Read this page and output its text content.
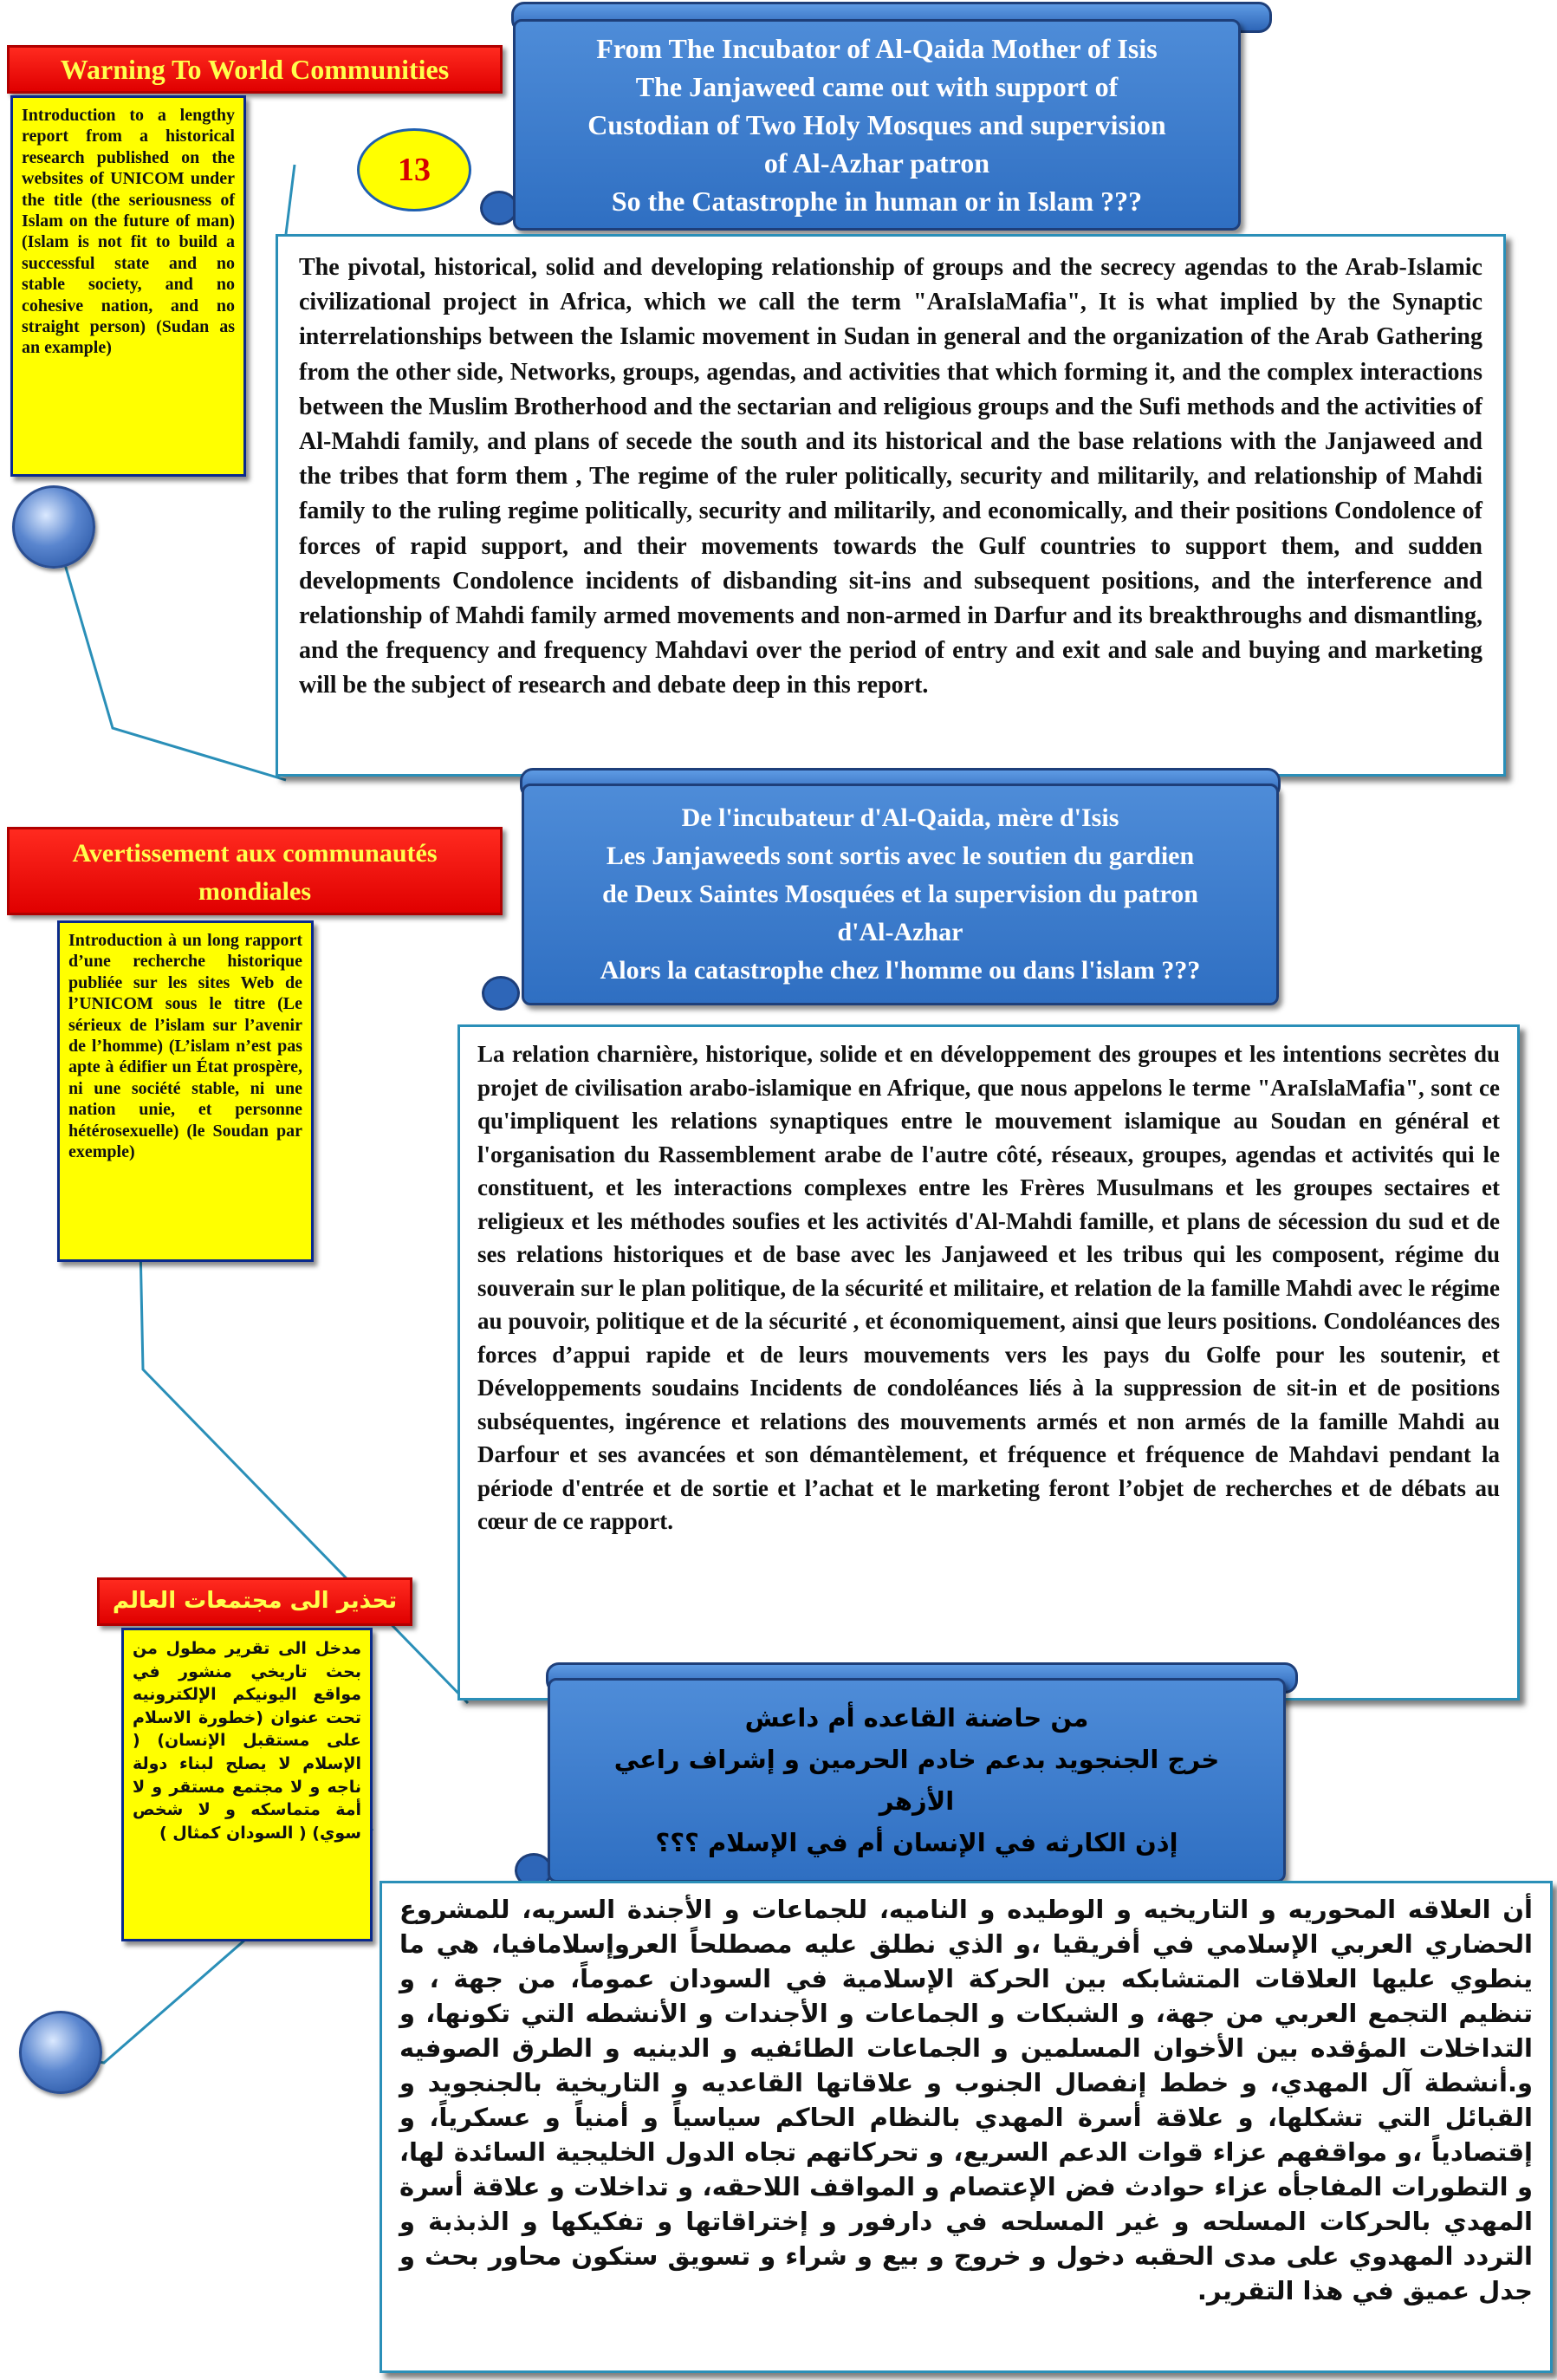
Warning To World Communities
Introduction to a lengthy report from a historical research published on the websites of UNICOM under the title (the seriousness of Islam on the future of man) (Islam is not fit to build a successful state and no stable society, and no cohesive nation, and no straight person) (Sudan as an example)
13
From The Incubator of Al-Qaida Mother of Isis
The Janjaweed came out with support of
Custodian of Two Holy Mosques and supervision
of Al-Azhar patron
So the Catastrophe in human or in Islam ???
The pivotal, historical, solid and developing relationship of groups and the secrecy agendas to the Arab-Islamic civilizational project in Africa, which we call the term "AraIslaMafia", It is what implied by the Synaptic interrelationships between the Islamic movement in Sudan in general and the organization of the Arab Gathering from the other side, Networks, groups, agendas, and activities that which forming it, and the complex interactions between the Muslim Brotherhood and the sectarian and religious groups and the Sufi methods and the activities of Al-Mahdi family, and plans of secede the south and its historical and the base relations with the Janjaweed and the tribes that form them , The regime of the ruler politically, security and militarily, and relationship of Mahdi family to the ruling regime politically, security and militarily, and economically, and their positions Condolence of forces of rapid support, and their movements towards the Gulf countries to support them, and sudden developments Condolence incidents of disbanding sit-ins and subsequent positions, and the interference and relationship of Mahdi family armed movements and non-armed in Darfur and its breakthroughs and dismantling, and the frequency and frequency Mahdavi over the period of entry and exit and sale and buying and marketing will be the subject of research and debate deep in this report.
De l'incubateur d'Al-Qaida, mère d'Isis
Les Janjaweeds sont sortis avec le soutien du gardien
de Deux Saintes Mosquées et la supervision du patron
d'Al-Azhar
Alors la catastrophe chez l'homme ou dans l'islam ???
Avertissement aux communautés mondiales
Introduction à un long rapport d’une recherche historique publiée sur les sites Web de l’UNICOM sous le titre (Le sérieux de l’islam sur l’avenir de l’homme) (L’islam n’est pas apte à édifier un État prospère, ni une société stable, ni une nation unie, et personne hétérosexuelle) (le Soudan par exemple)
La relation charnière, historique, solide et en développement des groupes et les intentions secrètes du projet de civilisation arabo-islamique en Afrique, que nous appelons le terme "AraIslaMafia", sont ce qu'impliquent les relations synaptiques entre le mouvement islamique au Soudan en général et l'organisation du Rassemblement arabe de l'autre côté, réseaux, groupes, agendas et activités qui le constituent, et les interactions complexes entre les Frères Musulmans et les groupes sectaires et religieux et les méthodes soufies et les activités d'Al-Mahdi famille, et plans de sécession du sud et de ses relations historiques et de base avec les Janjaweed et les tribus qui les composent, régime du souverain sur le plan politique, de la sécurité et militaire, et relation de la famille Mahdi avec le régime au pouvoir, politique et de la sécurité , et économiquement, ainsi que leurs positions. Condoléances des forces d’appui rapide et de leurs mouvements vers les pays du Golfe pour les soutenir, et Développements soudains Incidents de condoléances liés à la suppression de sit-in et de positions subséquentes, ingérence et relations des mouvements armés et non armés de la famille Mahdi au Darfour et ses avancées et son démantèlement, et fréquence et fréquence de Mahdavi pendant la période d'entrée et de sortie et l’achat et le marketing feront l’objet de recherches et de débats au cœur de ce rapport.
تحذير الى مجتمعات العالم
مدخل الى تقرير مطول من بحث تاريخي منشور في مواقع اليونيكم الإلكترونيه تحت عنوان (خطورة الاسلام على مستقبل الإنسان) ( الإسلام لا يصلح لبناء دولة ناجه و لا مجتمع مستقر و لا أمة متماسكه و لا شخص سوي) ( السودان كمثال )
من حاضنة القاعده أم داعش
خرج الجنجويد بدعم خادم الحرمين و إشراف راعي
الأزهر
إذن الكارثه في الإنسان أم في الإسلام ؟؟؟
أن العلاقه المحوريه و التاريخيه و الوطيده و الناميه، للجماعات و الأجندة السريه، للمشروع الحضاري العربي الإسلامي في أفريقيا ،و الذي نطلق عليه مصطلحاً العروإسلامافيا، هي ما ينطوي عليها العلاقات المتشابكه بين الحركة الإسلامية في السودان عموماً، من جهة ، و تنظيم التجمع العربي من جهة، و الشبكات و الجماعات و الأجندات و الأنشطه التي تكونها، و التداخلات المؤقده بين الأخوان المسلمين و الجماعات الطائفيه و الدينيه و الطرق الصوفيه و.أنشطة آل المهدي، و خطط إنفصال الجنوب و علاقاتها القاعديه و التاريخية بالجنجويد و القبائل التي تشكلها، و علاقة أسرة المهدي بالنظام الحاكم سياسياً و أمنياً و عسكرياً، و إقتصادياً ،و مواقفهم عزاء قوات الدعم السريع، و تحركاتهم تجاه الدول الخليجية السائدة لها، و التطورات المفاجأه عزاء حوادث فض الإعتصام و المواقف اللاحقه، و تداخلات و علاقة أسرة المهدي بالحركات المسلحه و غير المسلحه في دارفور و إختراقاتها و تفكيكها و الذبذبة و التردد المهدوي على مدى الحقبه دخول و خروج و بيع و شراء و تسويق ستكون محاور بحث و جدل عميق في هذا التقرير.
